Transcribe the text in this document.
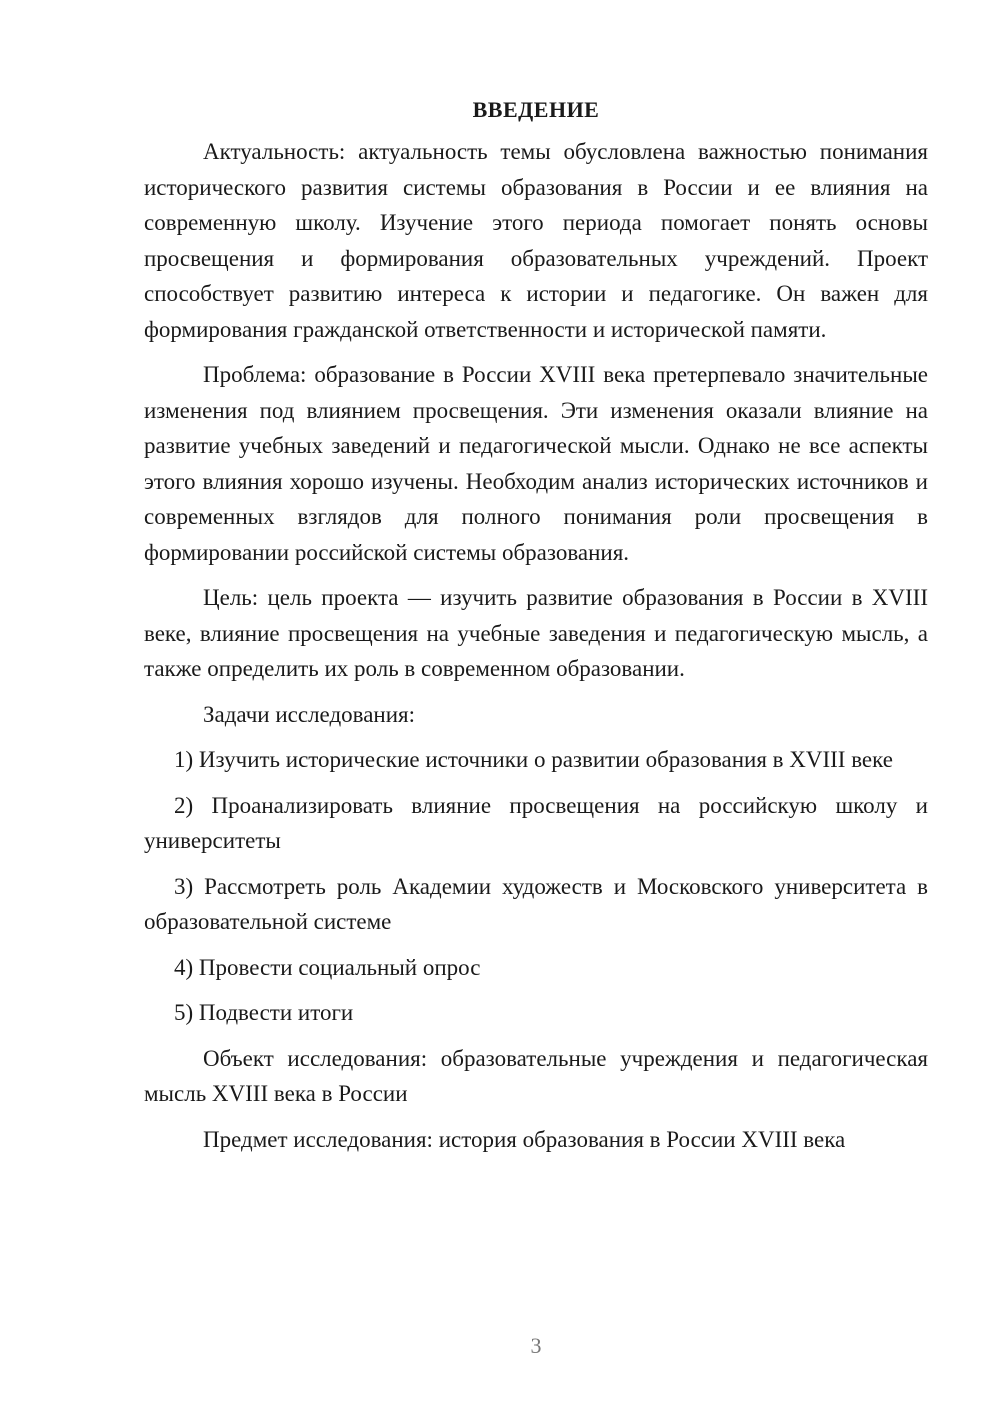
ВВЕДЕНИЕ

Актуальность: актуальность темы обусловлена важностью понимания исторического развития системы образования в России и ее влияния на современную школу. Изучение этого периода помогает понять основы просвещения и формирования образовательных учреждений. Проект способствует развитию интереса к истории и педагогике. Он важен для формирования гражданской ответственности и исторической памяти.

Проблема: образование в России XVIII века претерпевало значительные изменения под влиянием просвещения. Эти изменения оказали влияние на развитие учебных заведений и педагогической мысли. Однако не все аспекты этого влияния хорошо изучены. Необходим анализ исторических источников и современных взглядов для полного понимания роли просвещения в формировании российской системы образования.

Цель: цель проекта — изучить развитие образования в России в XVIII веке, влияние просвещения на учебные заведения и педагогическую мысль, а также определить их роль в современном образовании.

Задачи исследования:

1) Изучить исторические источники о развитии образования в XVIII веке

2) Проанализировать влияние просвещения на российскую школу и университеты

3) Рассмотреть роль Академии художеств и Московского университета в образовательной системе

4) Провести социальный опрос

5) Подвести итоги

Объект исследования: образовательные учреждения и педагогическая мысль XVIII века в России

Предмет исследования: история образования в России XVIII века

3
